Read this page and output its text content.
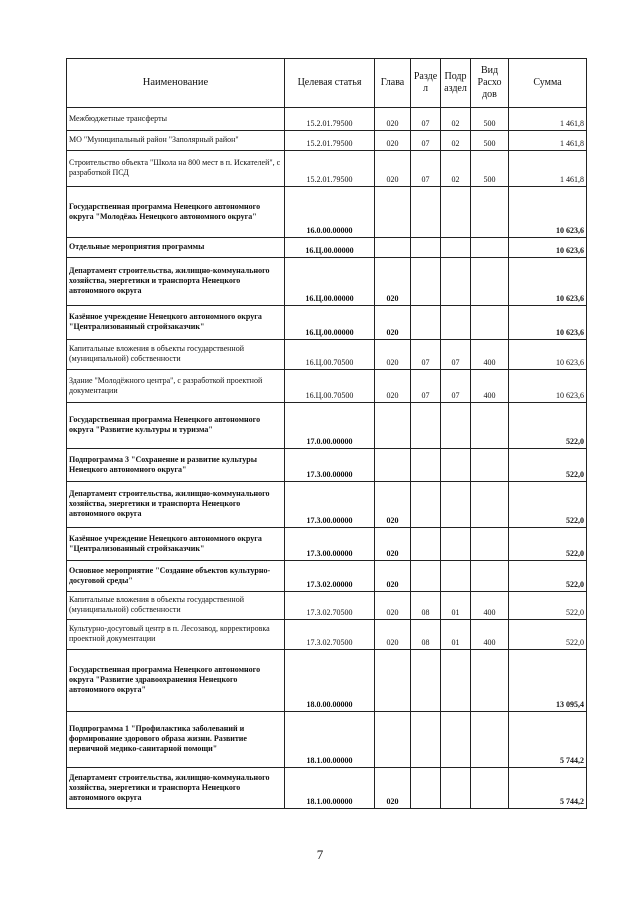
Наименование	Целевая статья	Глава	Разде л	Подр аздел	Вид Расхо дов	Сумма
Межбюджетные трансферты	15.2.01.79500	020	07	02	500	1 461,8
МО "Муниципальный район "Заполярный район"	15.2.01.79500	020	07	02	500	1 461,8
Строительство объекта "Школа на 800 мест в п. Искателей", с разработкой ПСД	15.2.01.79500	020	07	02	500	1 461,8
Государственная программа Ненецкого автономного округа "Молодёжь Ненецкого автономного округа"	16.0.00.00000					10 623,6
Отдельные мероприятия программы	16.Ц.00.00000					10 623,6
Департамент строительства, жилищно-коммунального хозяйства, энергетики и транспорта Ненецкого автономного округа	16.Ц.00.00000	020				10 623,6
Казённое учреждение Ненецкого автономного округа "Централизованный стройзаказчик"	16.Ц.00.00000	020				10 623,6
Капитальные вложения в объекты государственной (муниципальной) собственности	16.Ц.00.70500	020	07	07	400	10 623,6
Здание "Молодёжного центра", с разработкой проектной документации	16.Ц.00.70500	020	07	07	400	10 623,6
Государственная программа Ненецкого автономного округа "Развитие культуры и туризма"	17.0.00.00000					522,0
Подпрограмма 3 "Сохранение и развитие культуры Ненецкого автономного округа"	17.3.00.00000					522,0
Департамент строительства, жилищно-коммунального хозяйства, энергетики и транспорта Ненецкого автономного округа	17.3.00.00000	020				522,0
Казённое учреждение Ненецкого автономного округа "Централизованный стройзаказчик"	17.3.00.00000	020				522,0
Основное мероприятие "Создание объектов культурно-досуговой среды"	17.3.02.00000	020				522,0
Капитальные вложения в объекты государственной (муниципальной) собственности	17.3.02.70500	020	08	01	400	522,0
Культурно-досуговый центр в п. Лесозавод, корректировка проектной документации	17.3.02.70500	020	08	01	400	522,0
Государственная программа Ненецкого автономного округа "Развитие здравоохранения Ненецкого автономного округа"	18.0.00.00000					13 095,4
Подпрограмма 1 "Профилактика заболеваний и формирование здорового образа жизни. Развитие первичной медико-санитарной помощи"	18.1.00.00000					5 744,2
Департамент строительства, жилищно-коммунального хозяйства, энергетики и транспорта Ненецкого автономного округа	18.1.00.00000	020				5 744,2
7
